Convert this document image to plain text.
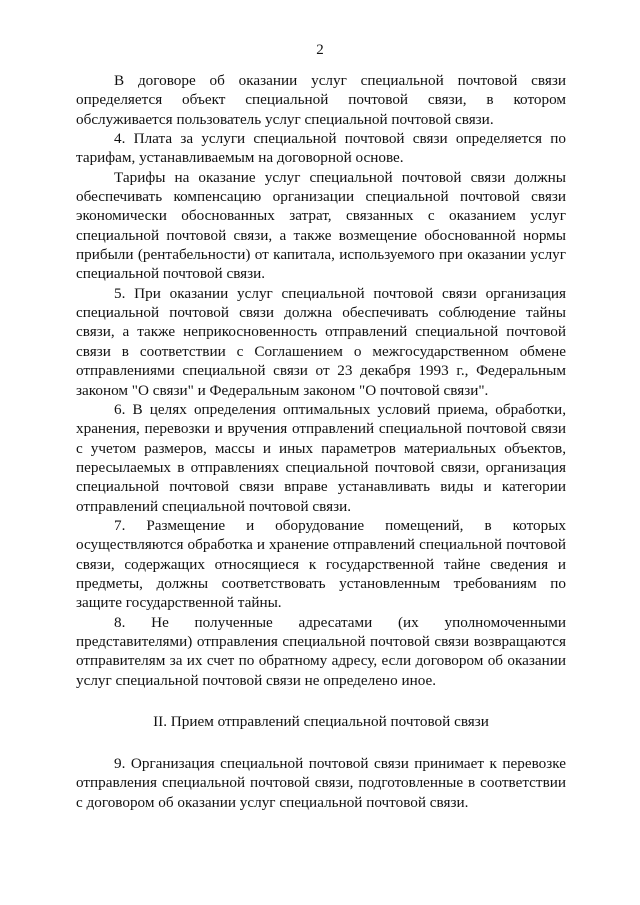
2

В договоре об оказании услуг специальной почтовой связи определяется объект специальной почтовой связи, в котором обслуживается пользователь услуг специальной почтовой связи.

4. Плата за услуги специальной почтовой связи определяется по тарифам, устанавливаемым на договорной основе.

Тарифы на оказание услуг специальной почтовой связи должны обеспечивать компенсацию организации специальной почтовой связи экономически обоснованных затрат, связанных с оказанием услуг специальной почтовой связи, а также возмещение обоснованной нормы прибыли (рентабельности) от капитала, используемого при оказании услуг специальной почтовой связи.

5. При оказании услуг специальной почтовой связи организация специальной почтовой связи должна обеспечивать соблюдение тайны связи, а также неприкосновенность отправлений специальной почтовой связи в соответствии с Соглашением о межгосударственном обмене отправлениями специальной связи от 23 декабря 1993 г., Федеральным законом "О связи" и Федеральным законом "О почтовой связи".

6. В целях определения оптимальных условий приема, обработки, хранения, перевозки и вручения отправлений специальной почтовой связи с учетом размеров, массы и иных параметров материальных объектов, пересылаемых в отправлениях специальной почтовой связи, организация специальной почтовой связи вправе устанавливать виды и категории отправлений специальной почтовой связи.

7. Размещение и оборудование помещений, в которых осуществляются обработка и хранение отправлений специальной почтовой связи, содержащих относящиеся к государственной тайне сведения и предметы, должны соответствовать установленным требованиям по защите государственной тайны.

8. Не полученные адресатами (их уполномоченными представителями) отправления специальной почтовой связи возвращаются отправителям за их счет по обратному адресу, если договором об оказании услуг специальной почтовой связи не определено иное.

II. Прием отправлений специальной почтовой связи

9. Организация специальной почтовой связи принимает к перевозке отправления специальной почтовой связи, подготовленные в соответствии с договором об оказании услуг специальной почтовой связи.
